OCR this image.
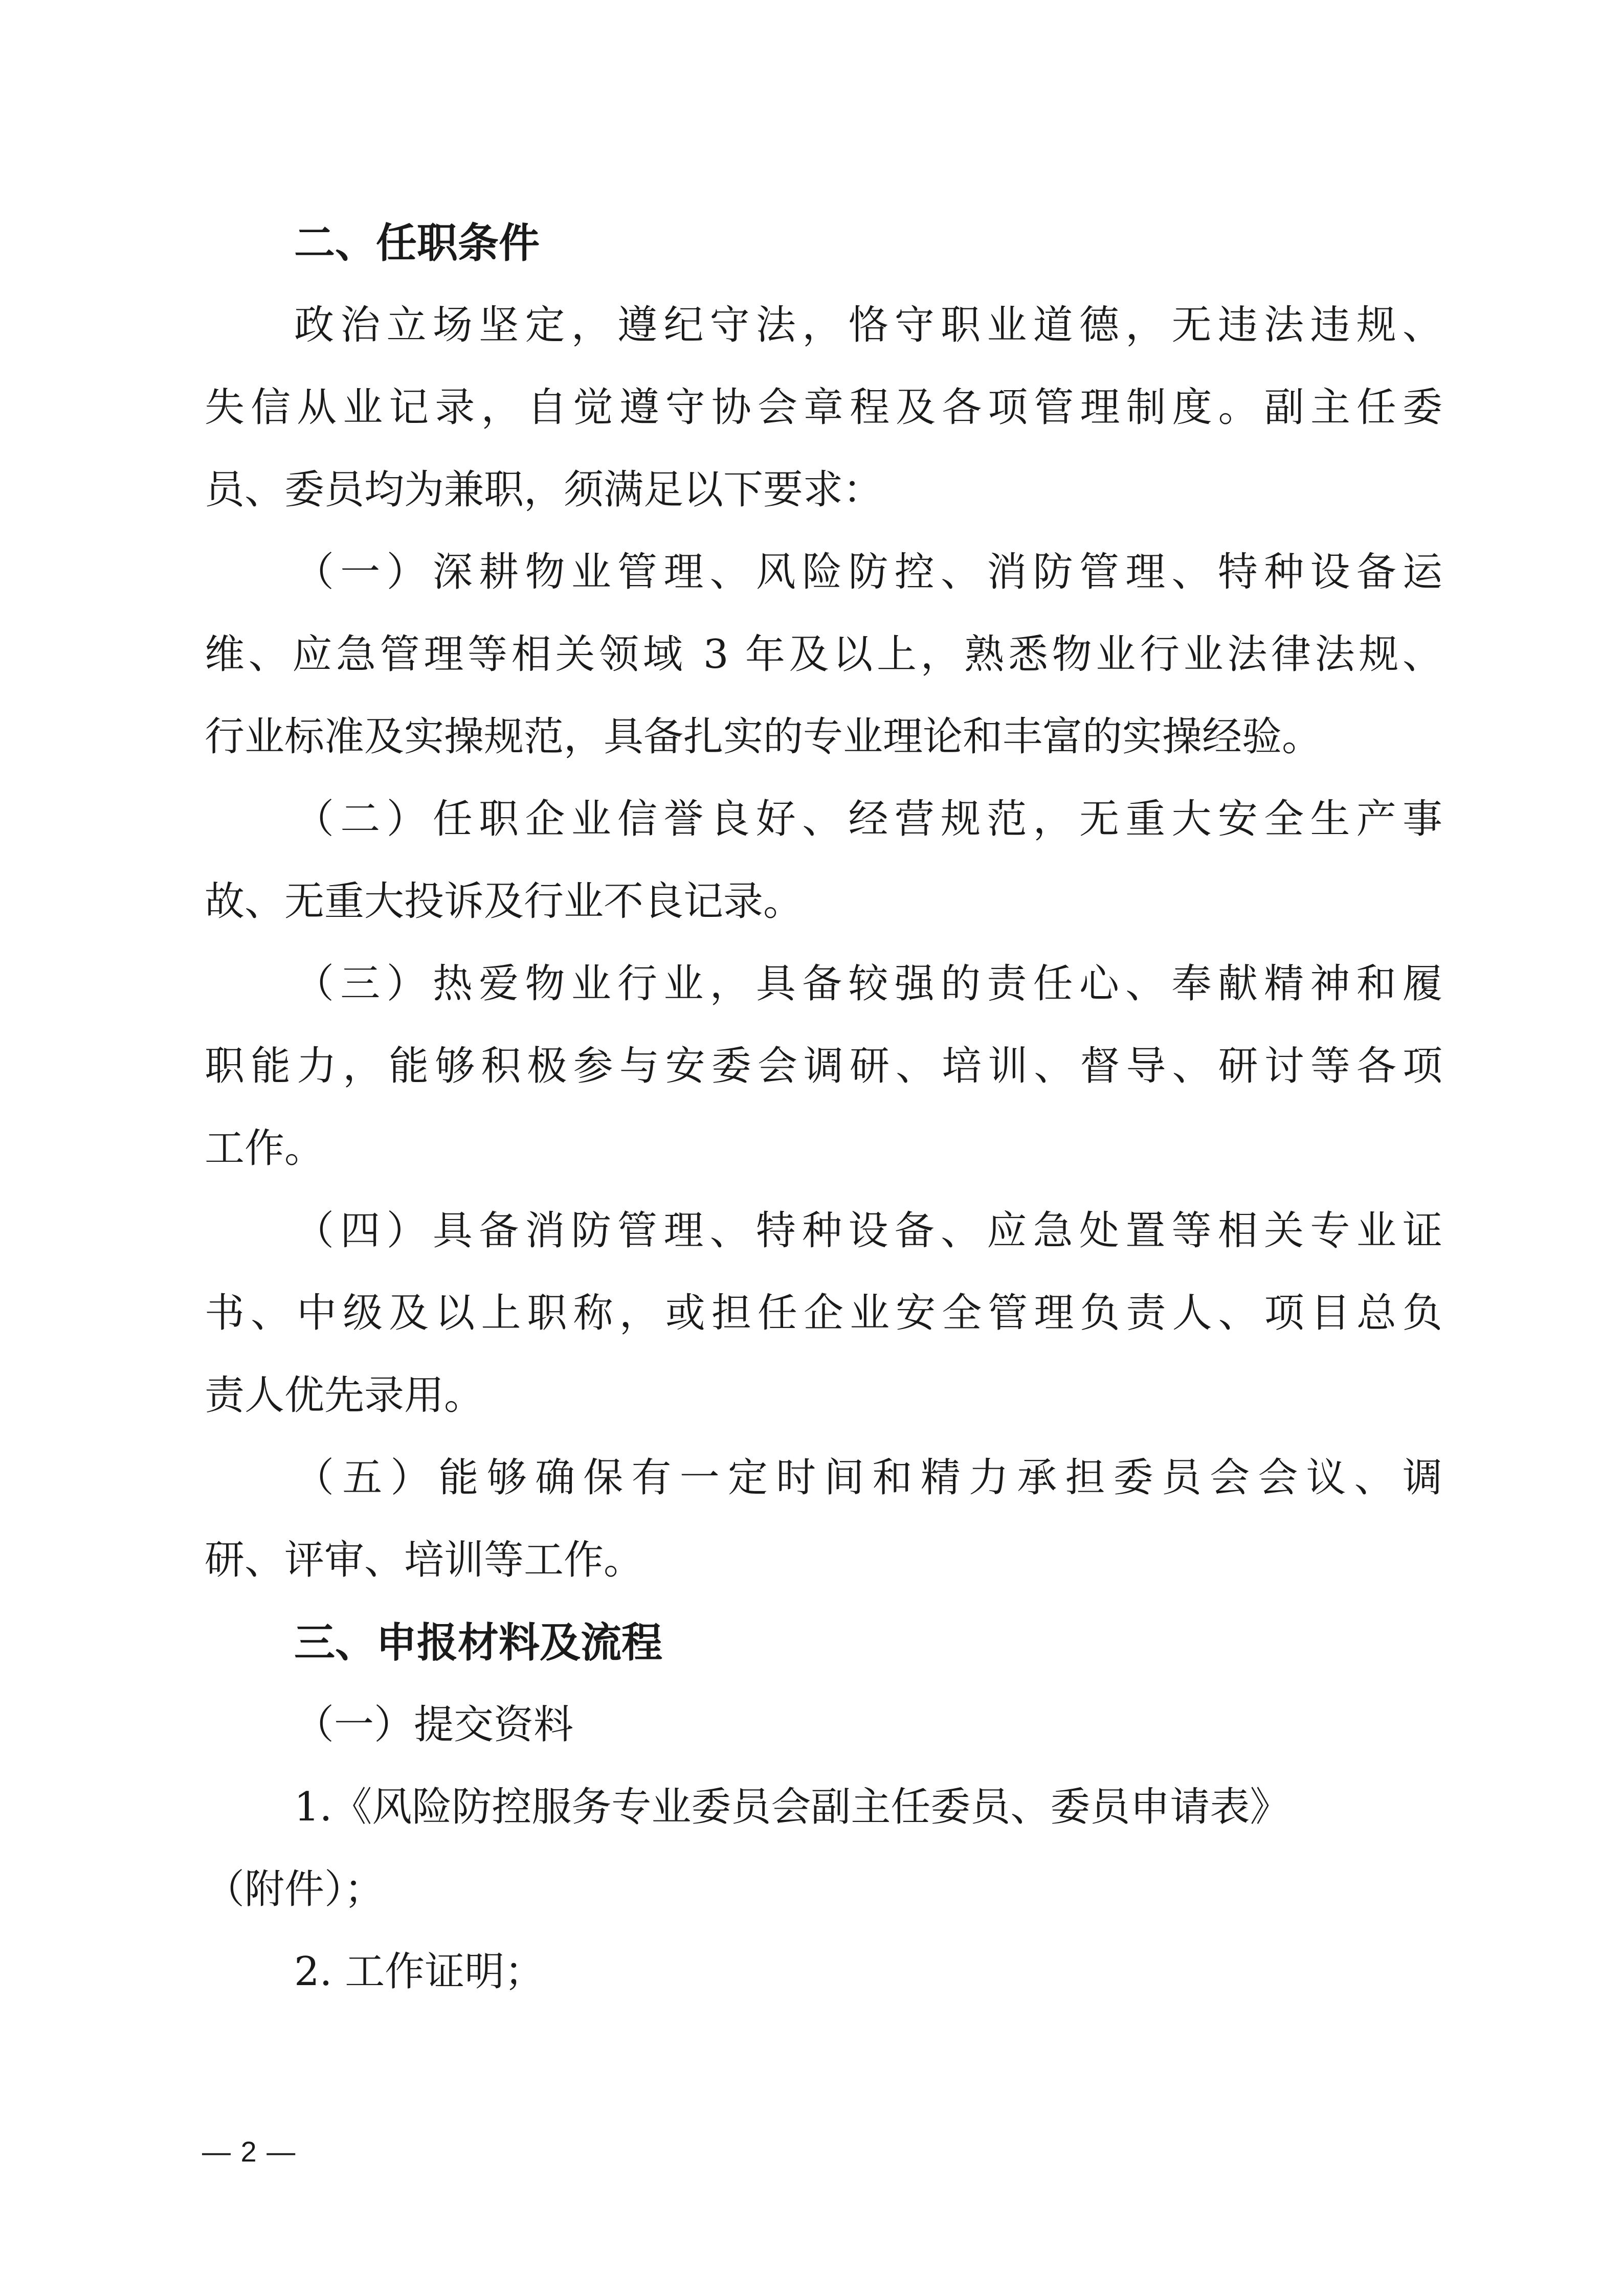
二、任职条件

政治立场坚定，遵纪守法，恪守职业道德，无违法违规、

失信从业记录，自觉遵守协会章程及各项管理制度。副主任委

员、委员均为兼职，须满足以下要求：

（一）深耕物业管理、风险防控、消防管理、特种设备运

维、应急管理等相关领域 3 年及以上，熟悉物业行业法律法规、

行业标准及实操规范，具备扎实的专业理论和丰富的实操经验。

（二）任职企业信誉良好、经营规范，无重大安全生产事

故、无重大投诉及行业不良记录。

（三）热爱物业行业，具备较强的责任心、奉献精神和履

职能力，能够积极参与安委会调研、培训、督导、研讨等各项

工作。

（四）具备消防管理、特种设备、应急处置等相关专业证

书、中级及以上职称，或担任企业安全管理负责人、项目总负

责人优先录用。

（五）能够确保有一定时间和精力承担委员会会议、调

研、评审、培训等工作。

三、申报材料及流程

（一）提交资料

1.《风险防控服务专业委员会副主任委员、委员申请表》

（附件）；

2. 工作证明；

— 2 —
